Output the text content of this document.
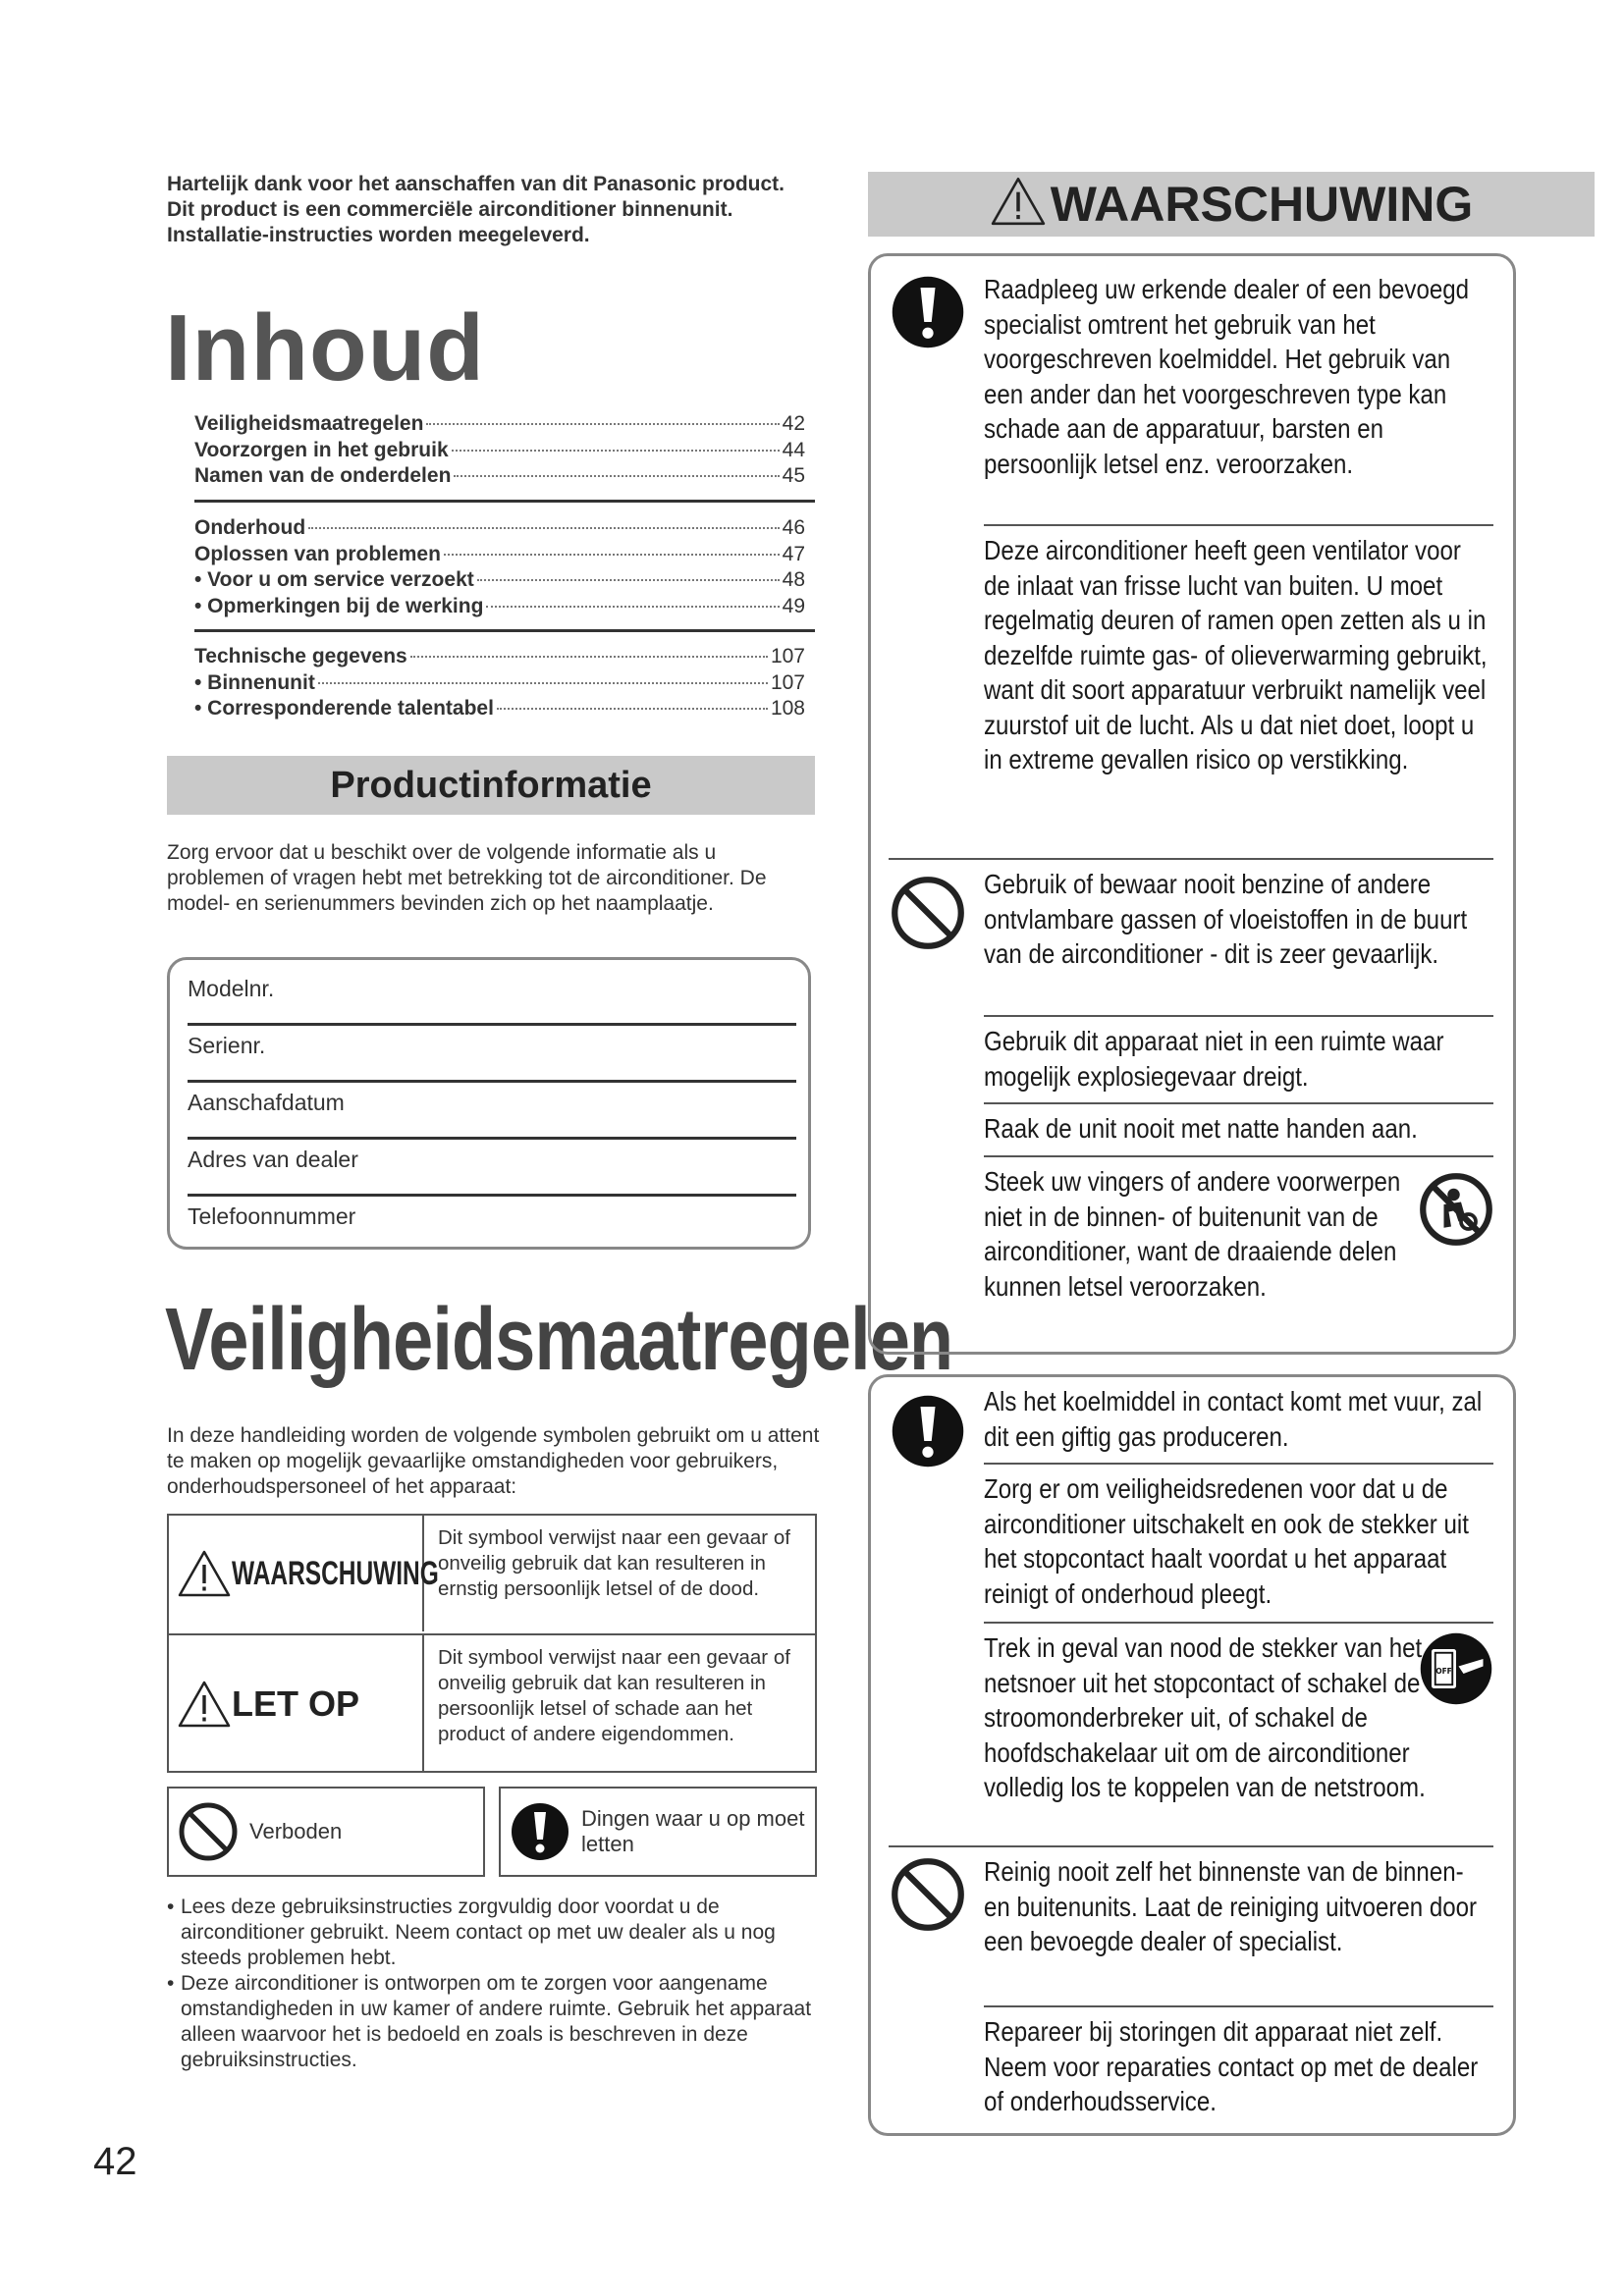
Hartelijk dank voor het aanschaffen van dit Panasonic product.

Dit product is een commerciële airconditioner binnenunit.

Installatie-instructies worden meegeleverd.

Inhoud
Veiligheidsmaatregelen	42
Voorzorgen in het gebruik	44
Namen van de onderdelen	45
Onderhoud	46
Oplossen van problemen	47
• Voor u om service verzoekt	48
• Opmerkingen bij de werking	49
Technische gegevens	107
• Binnenunit	107
• Corresponderende talentabel	108
Productinformatie

Zorg ervoor dat u beschikt over de volgende informatie als u problemen of vragen hebt met betrekking tot de airconditioner. De model- en serienummers bevinden zich op het naamplaatje.

Modelnr.
Serienr.
Aanschafdatum
Adres van dealer
Telefoonnummer
Veiligheidsmaatregelen

In deze handleiding worden de volgende symbolen gebruikt om u attent te maken op mogelijk gevaarlijke omstandigheden voor gebruikers, onderhoudspersoneel of het apparaat:

WAARSCHUWING
Dit symbool verwijst naar een gevaar of onveilig gebruik dat kan resulteren in ernstig persoonlijk letsel of de dood.
LET OP
Dit symbool verwijst naar een gevaar of onveilig gebruik dat kan resulteren in persoonlijk letsel of schade aan het product of andere eigendommen.
Verboden
Dingen waar u op moet letten
• Lees deze gebruiksinstructies zorgvuldig door voordat u de airconditioner gebruikt. Neem contact op met uw dealer als u nog steeds problemen hebt.
• Deze airconditioner is ontworpen om te zorgen voor aangename omstandigheden in uw kamer of andere ruimte. Gebruik het apparaat alleen waarvoor het is bedoeld en zoals is beschreven in deze gebruiksinstructies.
42
WAARSCHUWING
Raadpleeg uw erkende dealer of een bevoegd specialist omtrent het gebruik van het voorgeschreven koelmiddel. Het gebruik van een ander dan het voorgeschreven type kan schade aan de apparatuur, barsten en persoonlijk letsel enz. veroorzaken.
Deze airconditioner heeft geen ventilator voor de inlaat van frisse lucht van buiten. U moet regelmatig deuren of ramen open zetten als u in dezelfde ruimte gas- of olieverwarming gebruikt, want dit soort apparatuur verbruikt namelijk veel zuurstof uit de lucht. Als u dat niet doet, loopt u in extreme gevallen risico op verstikking.
Gebruik of bewaar nooit benzine of andere ontvlambare gassen of vloeistoffen in de buurt van de airconditioner - dit is zeer gevaarlijk.
Gebruik dit apparaat niet in een ruimte waar mogelijk explosiegevaar dreigt.
Raak de unit nooit met natte handen aan.
Steek uw vingers of andere voorwerpen niet in de binnen- of buitenunit van de airconditioner, want de draaiende delen kunnen letsel veroorzaken.
OFF
Als het koelmiddel in contact komt met vuur, zal dit een giftig gas produceren.
Zorg er om veiligheidsredenen voor dat u de airconditioner uitschakelt en ook de stekker uit het stopcontact haalt voordat u het apparaat reinigt of onderhoud pleegt.
Trek in geval van nood de stekker van het netsnoer uit het stopcontact of schakel de stroomonderbreker uit, of schakel de hoofdschakelaar uit om de airconditioner volledig los te koppelen van de netstroom.
Reinig nooit zelf het binnenste van de binnen- en buitenunits. Laat de reiniging uitvoeren door een bevoegde dealer of specialist.
Repareer bij storingen dit apparaat niet zelf. Neem voor reparaties contact op met de dealer of onderhoudsservice.
